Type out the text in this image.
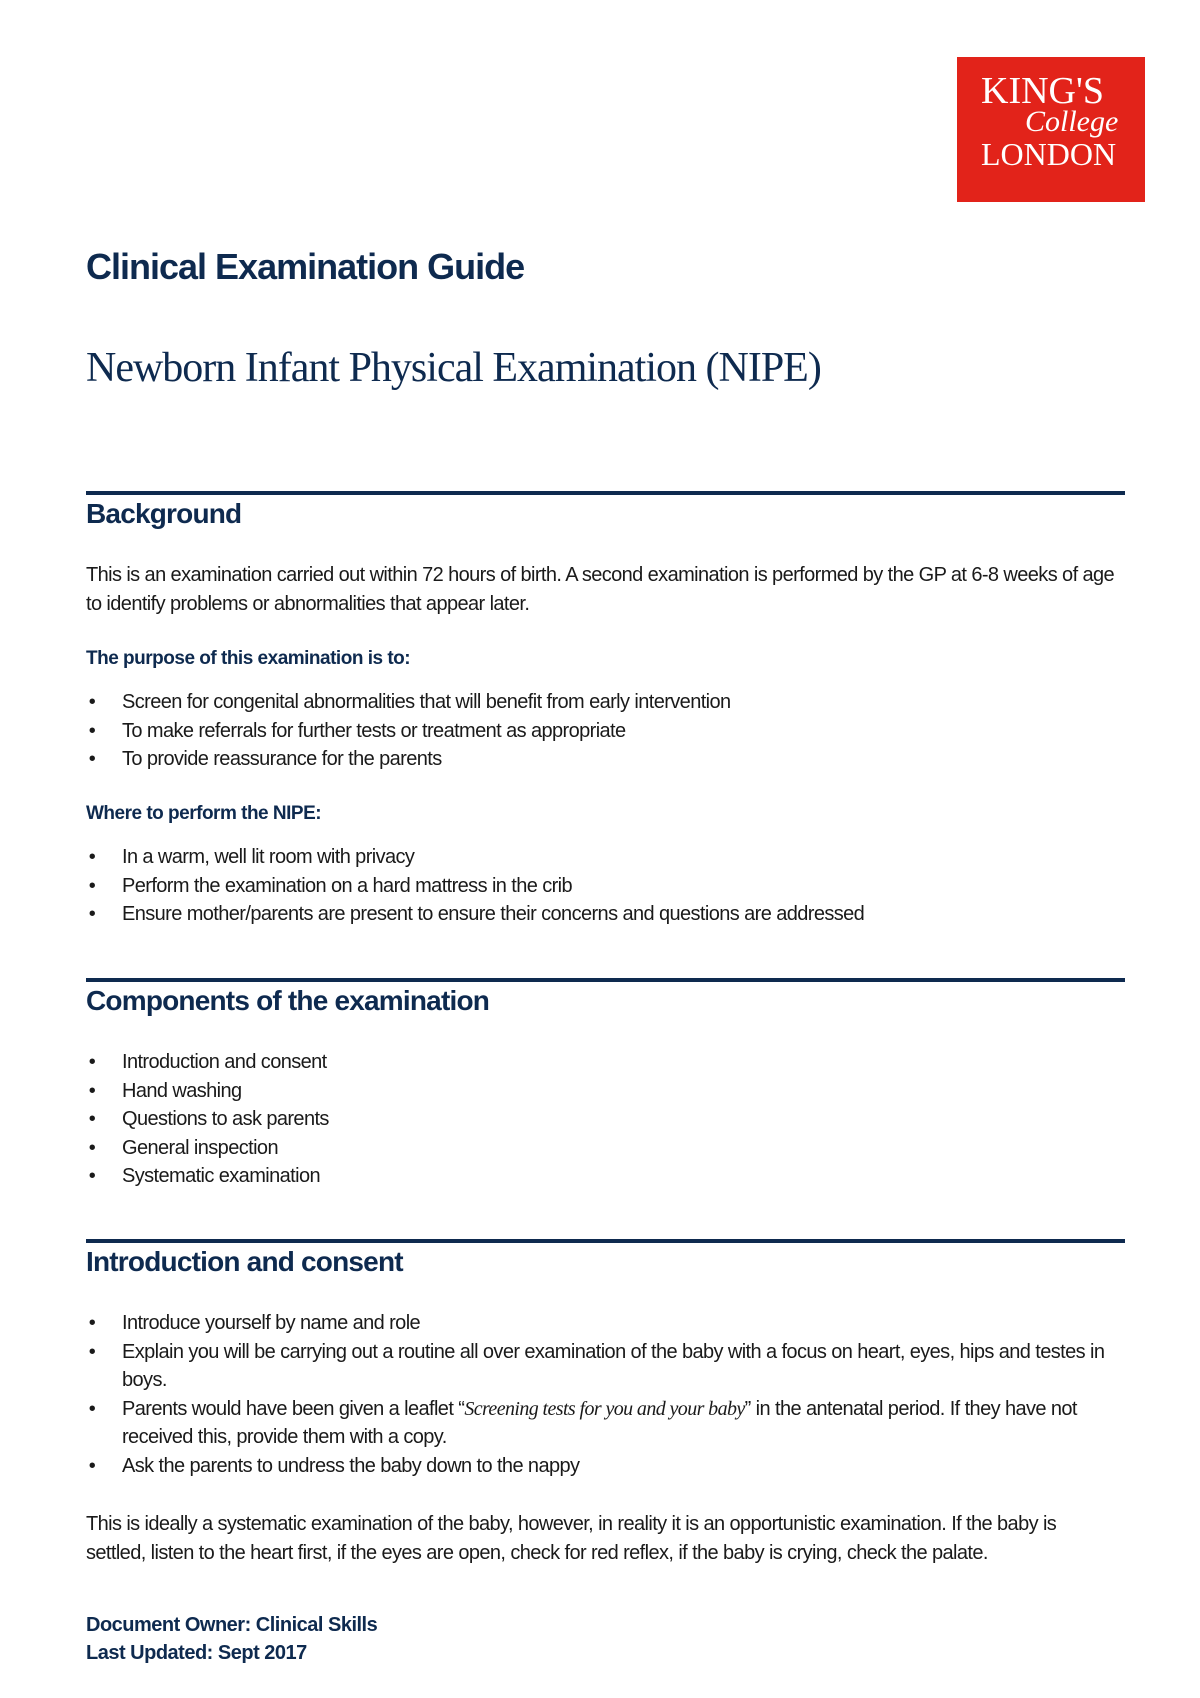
KING'S
College
LONDON
Clinical Examination Guide
Newborn Infant Physical Examination (NIPE)
Background

This is an examination carried out within 72 hours of birth. A second examination is performed by the GP at 6-8 weeks of age to identify problems or abnormalities that appear later.

The purpose of this examination is to:
• Screen for congenital abnormalities that will benefit from early intervention
• To make referrals for further tests or treatment as appropriate
• To provide reassurance for the parents
Where to perform the NIPE:
• In a warm, well lit room with privacy
• Perform the examination on a hard mattress in the crib
• Ensure mother/parents are present to ensure their concerns and questions are addressed
Components of the examination
• Introduction and consent
• Hand washing
• Questions to ask parents
• General inspection
• Systematic examination
Introduction and consent
• Introduce yourself by name and role
• Explain you will be carrying out a routine all over examination of the baby with a focus on heart, eyes, hips and testes in boys.
• Parents would have been given a leaflet “Screening tests for you and your baby” in the antenatal period. If they have not received this, provide them with a copy.
• Ask the parents to undress the baby down to the nappy

This is ideally a systematic examination of the baby, however, in reality it is an opportunistic examination. If the baby is settled, listen to the heart first, if the eyes are open, check for red reflex, if the baby is crying, check the palate.

Document Owner: Clinical Skills

Last Updated: Sept 2017
